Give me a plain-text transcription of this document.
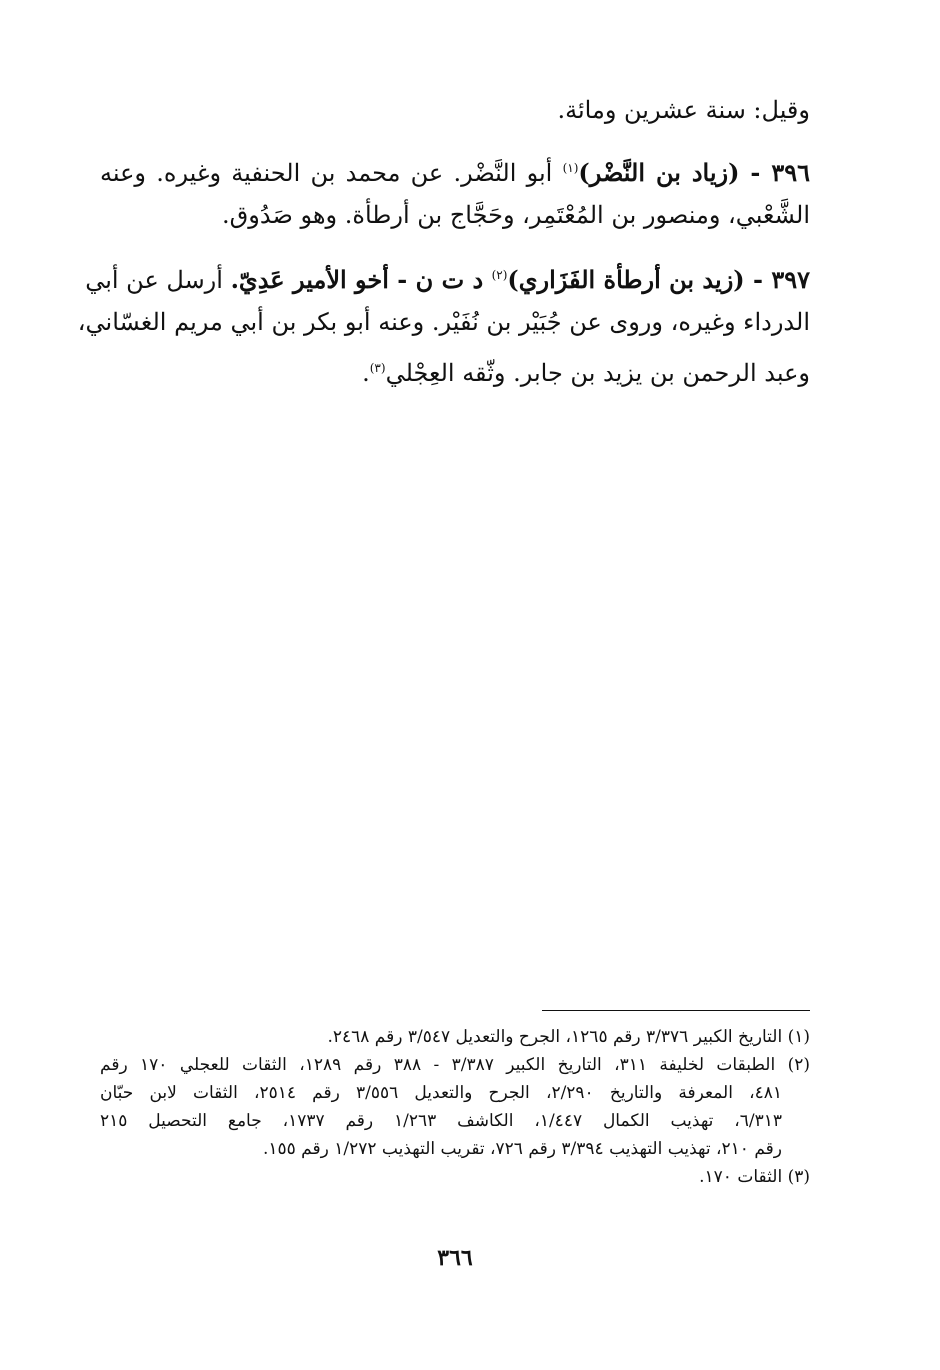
وقيل: سنة عشرين ومائة.
٣٩٦ - (زياد بن النَّضْر)$^{(١)}$ أبو النَّضْر. عن محمد بن الحنفية وغيره. وعنه
الشَّعْبي، ومنصور بن المُعْتَمِر، وحَجَّاج بن أرطأة. وهو صَدُوق.
٣٩٧ - (زيد بن أرطأة الفَزَاري)$^{(٢)}$ د ت ن - أخو الأمير عَدِيّ. أرسل عن أبي
الدرداء وغيره، وروى عن جُبَيْر بن نُفَيْر. وعنه أبو بكر بن أبي مريم الغسّاني،
وعبد الرحمن بن يزيد بن جابر. وثّقه العِجْلي$^{(٣)}$.
(١) التاريخ الكبير ٣/٣٧٦ رقم ١٢٦٥، الجرح والتعديل ٣/٥٤٧ رقم ٢٤٦٨.
(٢) الطبقات لخليفة ٣١١، التاريخ الكبير ٣/٣٨٧ - ٣٨٨ رقم ١٢٨٩، الثقات للعجلي ١٧٠ رقم
٤٨١، المعرفة والتاريخ ٢/٢٩٠، الجرح والتعديل ٣/٥٥٦ رقم ٢٥١٤، الثقات لابن حبّان
٦/٣١٣، تهذيب الكمال ١/٤٤٧، الكاشف ١/٢٦٣ رقم ١٧٣٧، جامع التحصيل ٢١٥
رقم ٢١٠، تهذيب التهذيب ٣/٣٩٤ رقم ٧٢٦، تقريب التهذيب ١/٢٧٢ رقم ١٥٥.
(٣) الثقات ١٧٠.
٣٦٦
